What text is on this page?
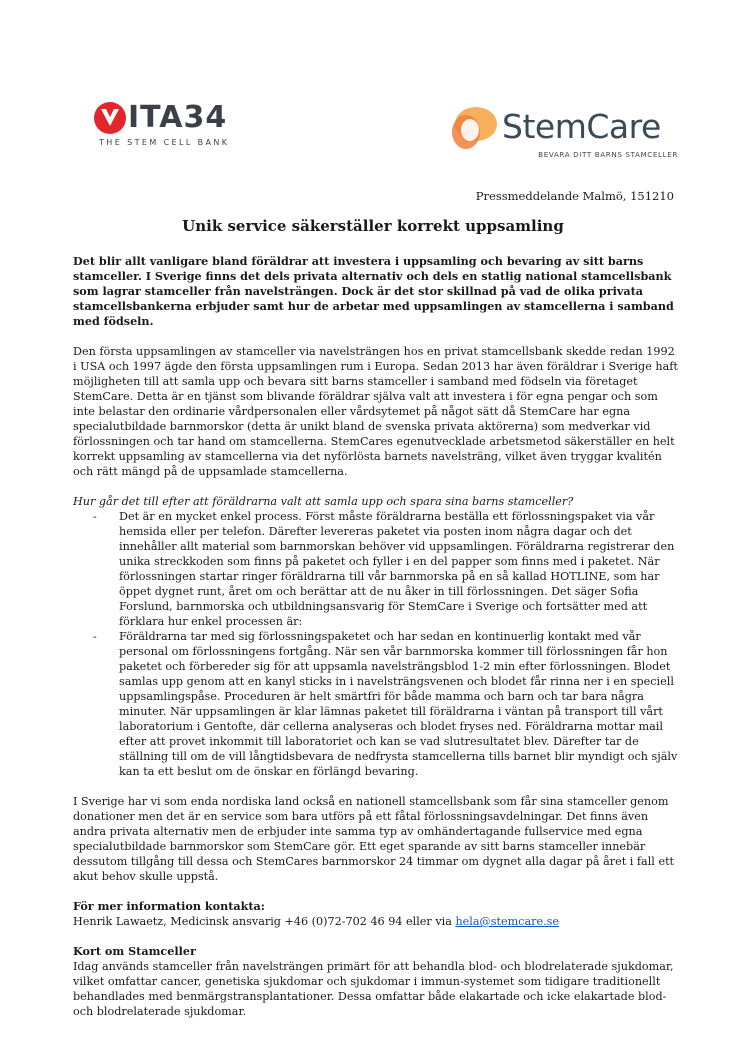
ITA34
THE STEM CELL BANK	StemCare
BEVARA DITT BARNS STAMCELLER
Pressmeddelande Malmö, 151210
Unik service säkerställer korrekt uppsamling

Det blir allt vanligare bland föräldrar att investera i uppsamling och bevaring av sitt barns stamceller. I Sverige finns det dels privata alternativ och dels en statlig national stamcellsbank som lagrar stamceller från navelsträngen. Dock är det stor skillnad på vad de olika privata stamcellsbankerna erbjuder samt hur de arbetar med uppsamlingen av stamcellerna i samband med födseln.

Den första uppsamlingen av stamceller via navelsträngen hos en privat stamcellsbank skedde redan 1992 i USA och 1997 ägde den första uppsamlingen rum i Europa. Sedan 2013 har även föräldrar i Sverige haft möjligheten till att samla upp och bevara sitt barns stamceller i samband med födseln via företaget StemCare. Detta är en tjänst som blivande föräldrar själva valt att investera i för egna pengar och som inte belastar den ordinarie vårdpersonalen eller vårdsytemet på något sätt då StemCare har egna specialutbildade barnmorskor (detta är unikt bland de svenska privata aktörerna) som medverkar vid förlossningen och tar hand om stamcellerna. StemCares egenutvecklade arbetsmetod säkerställer en helt korrekt uppsamling av stamcellerna via det nyförlösta barnets navelsträng, vilket även tryggar kvalitén och rätt mängd på de uppsamlade stamcellerna.

Hur går det till efter att föräldrarna valt att samla upp och spara sina barns stamceller?

- Det är en mycket enkel process. Först måste föräldrarna beställa ett förlossningspaket via vår hemsida eller per telefon. Därefter levereras paketet via posten inom några dagar och det innehåller allt material som barnmorskan behöver vid uppsamlingen. Föräldrarna registrerar den unika streckkoden som finns på paketet och fyller i en del papper som finns med i paketet. När förlossningen startar ringer föräldrarna till vår barnmorska på en så kallad HOTLINE, som har öppet dygnet runt, året om och berättar att de nu åker in till förlossningen. Det säger Sofia Forslund, barnmorska och utbildningsansvarig för StemCare i Sverige och fortsätter med att förklara hur enkel processen är:
- Föräldrarna tar med sig förlossningspaketet och har sedan en kontinuerlig kontakt med vår personal om förlossningens fortgång. När sen vår barnmorska kommer till förlossningen får hon paketet och förbereder sig för att uppsamla navelsträngsblod 1-2 min efter förlossningen. Blodet samlas upp genom att en kanyl sticks in i navelsträngsvenen och blodet får rinna ner i en speciell uppsamlingspåse. Proceduren är helt smärtfri för både mamma och barn och tar bara några minuter. När uppsamlingen är klar lämnas paketet till föräldrarna i väntan på transport till vårt laboratorium i Gentofte, där cellerna analyseras och blodet fryses ned. Föräldrarna mottar mail efter att provet inkommit till laboratoriet och kan se vad slutresultatet blev. Därefter tar de ställning till om de vill långtidsbevara de nedfrysta stamcellerna tills barnet blir myndigt och själv kan ta ett beslut om de önskar en förlängd bevaring.

I Sverige har vi som enda nordiska land också en nationell stamcellsbank som får sina stamceller genom donationer men det är en service som bara utförs på ett fåtal förlossningsavdelningar. Det finns även andra privata alternativ men de erbjuder inte samma typ av omhändertagande fullservice med egna specialutbildade barnmorskor som StemCare gör. Ett eget sparande av sitt barns stamceller innebär dessutom tillgång till dessa och StemCares barnmorskor 24 timmar om dygnet alla dagar på året i fall ett akut behov skulle uppstå.

För mer information kontakta:

Henrik Lawaetz, Medicinsk ansvarig +46 (0)72-702 46 94 eller via hela@stemcare.se

Kort om Stamceller

Idag används stamceller från navelsträngen primärt för att behandla blod- och blodrelaterade sjukdomar, vilket omfattar cancer, genetiska sjukdomar och sjukdomar i immun-systemet som tidigare traditionellt behandlades med benmärgstransplantationer. Dessa omfattar både elakartade och icke elakartade blod- och blodrelaterade sjukdomar.
